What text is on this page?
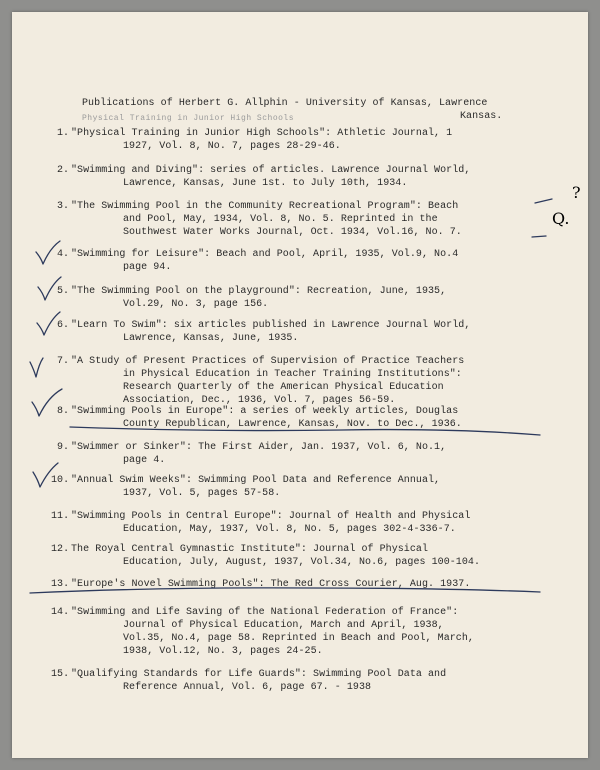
Publications of Herbert G. Allphin - University of Kansas, Lawrence
Kansas.
Physical Training in Junior High Schools
1. "Physical Training in Junior High Schools": Athletic Journal, 1
1927, Vol. 8, No. 7, pages 28-29-46.
2. "Swimming and Diving": series of articles. Lawrence Journal World,
Lawrence, Kansas, June 1st. to July 10th, 1934.
3. "The Swimming Pool in the Community Recreational Program": Beach
and Pool, May, 1934, Vol. 8, No. 5. Reprinted in the
Southwest Water Works Journal, Oct. 1934, Vol.16, No. 7.
4. "Swimming for Leisure": Beach and Pool, April, 1935, Vol.9, No.4
page 94.
5. "The Swimming Pool on the playground": Recreation, June, 1935,
Vol.29, No. 3, page 156.
6. "Learn To Swim": six articles published in Lawrence Journal World,
Lawrence, Kansas, June, 1935.
7. "A Study of Present Practices of Supervision of Practice Teachers
in Physical Education in Teacher Training Institutions":
Research Quarterly of the American Physical Education
Association, Dec., 1936, Vol. 7, pages 56-59.
8. "Swimming Pools in Europe": a series of weekly articles, Douglas
County Republican, Lawrence, Kansas, Nov. to Dec., 1936.
9. "Swimmer or Sinker": The First Aider, Jan. 1937, Vol. 6, No.1,
page 4.
10. "Annual Swim Weeks": Swimming Pool Data and Reference Annual,
1937, Vol. 5, pages 57-58.
11. "Swimming Pools in Central Europe": Journal of Health and Physical
Education, May, 1937, Vol. 8, No. 5, pages 302-4-336-7.
12. The Royal Central Gymnastic Institute": Journal of Physical
Education, July, August, 1937, Vol.34, No.6, pages 100-104.
13. "Europe's Novel Swimming Pools": The Red Cross Courier, Aug. 1937.
14. "Swimming and Life Saving of the National Federation of France":
Journal of Physical Education, March and April, 1938,
Vol.35, No.4, page 58. Reprinted in Beach and Pool, March,
1938, Vol.12, No. 3, pages 24-25.
15. "Qualifying Standards for Life Guards": Swimming Pool Data and
Reference Annual, Vol. 6, page 67. - 1938
Q.
?
